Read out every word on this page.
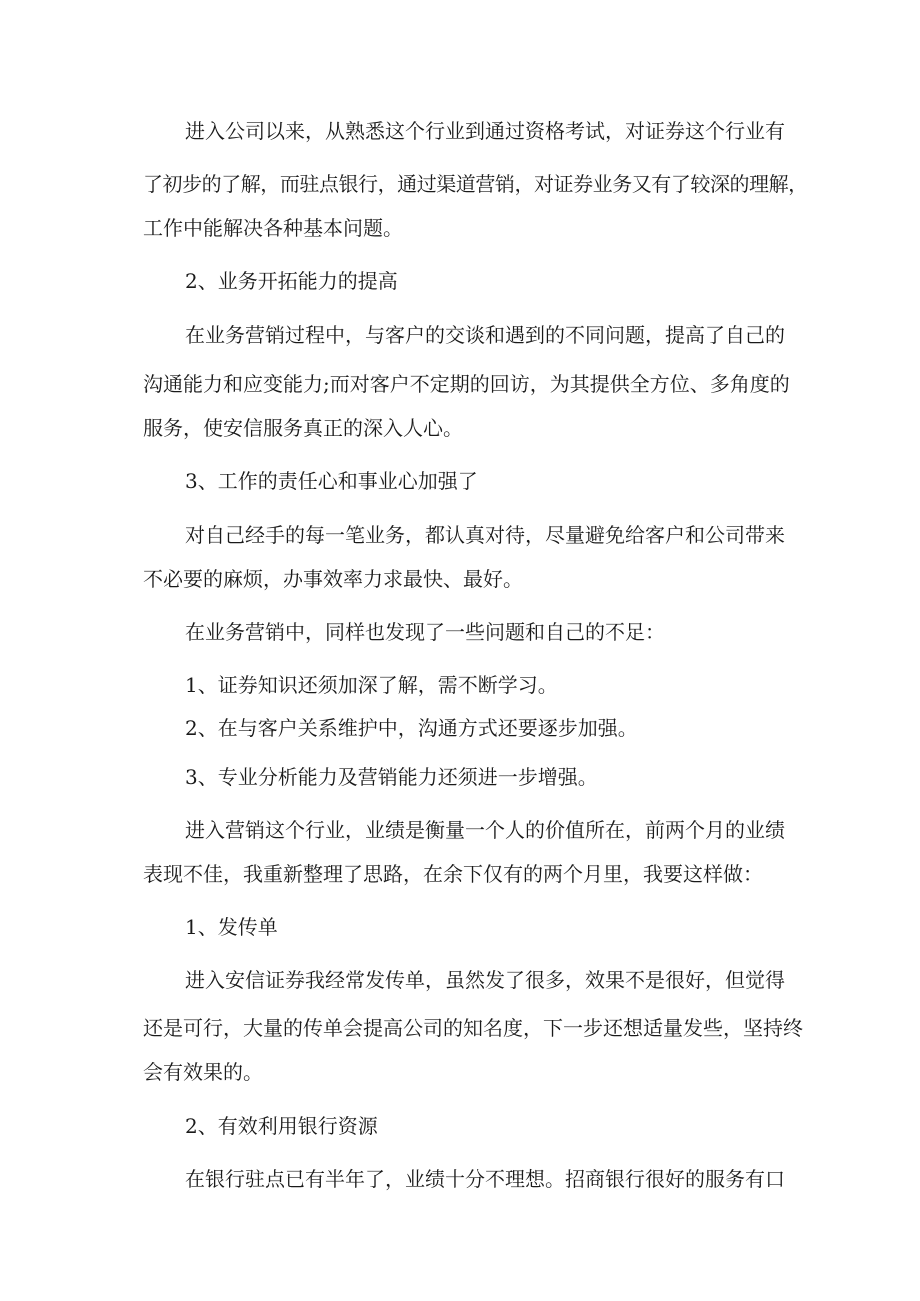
进入公司以来，从熟悉这个行业到通过资格考试，对证券这个行业有
了初步的了解，而驻点银行，通过渠道营销，对证券业务又有了较深的理解，
工作中能解决各种基本问题。
2、业务开拓能力的提高
在业务营销过程中，与客户的交谈和遇到的不同问题，提高了自己的
沟通能力和应变能力;而对客户不定期的回访，为其提供全方位、多角度的
服务，使安信服务真正的深入人心。
3、工作的责任心和事业心加强了
对自己经手的每一笔业务，都认真对待，尽量避免给客户和公司带来
不必要的麻烦，办事效率力求最快、最好。
在业务营销中，同样也发现了一些问题和自己的不足：
1、证券知识还须加深了解，需不断学习。
2、在与客户关系维护中，沟通方式还要逐步加强。
3、专业分析能力及营销能力还须进一步增强。
进入营销这个行业，业绩是衡量一个人的价值所在，前两个月的业绩
表现不佳，我重新整理了思路，在余下仅有的两个月里，我要这样做：
1、发传单
进入安信证券我经常发传单，虽然发了很多，效果不是很好，但觉得
还是可行，大量的传单会提高公司的知名度，下一步还想适量发些，坚持终
会有效果的。
2、有效利用银行资源
在银行驻点已有半年了，业绩十分不理想。招商银行很好的服务有口
